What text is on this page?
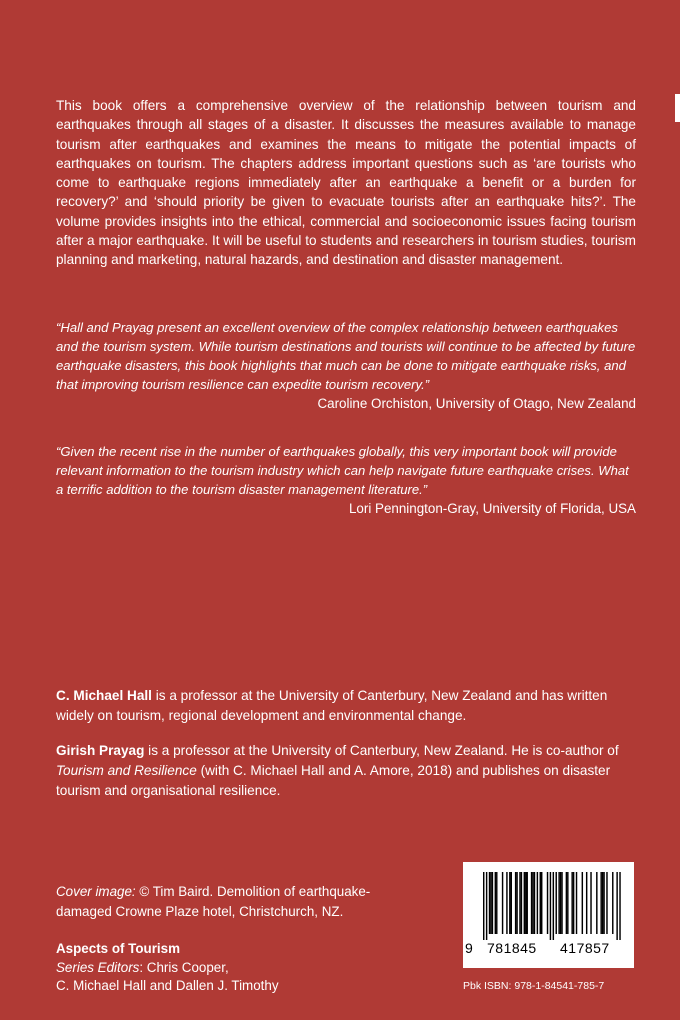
This book offers a comprehensive overview of the relationship between tourism and earthquakes through all stages of a disaster. It discusses the measures available to manage tourism after earthquakes and examines the means to mitigate the potential impacts of earthquakes on tourism. The chapters address important questions such as ‘are tourists who come to earthquake regions immediately after an earthquake a benefit or a burden for recovery?’ and ‘should priority be given to evacuate tourists after an earthquake hits?’. The volume provides insights into the ethical, commercial and socioeconomic issues facing tourism after a major earthquake. It will be useful to students and researchers in tourism studies, tourism planning and marketing, natural hazards, and destination and disaster management.

“Hall and Prayag present an excellent overview of the complex relationship between earthquakes and the tourism system. While tourism destinations and tourists will continue to be affected by future earthquake disasters, this book highlights that much can be done to mitigate earthquake risks, and that improving tourism resilience can expedite tourism recovery.”

Caroline Orchiston, University of Otago, New Zealand

“Given the recent rise in the number of earthquakes globally, this very important book will provide relevant information to the tourism industry which can help navigate future earthquake crises. What a terrific addition to the tourism disaster management literature.”

Lori Pennington-Gray, University of Florida, USA

C. Michael Hall is a professor at the University of Canterbury, New Zealand and has written widely on tourism, regional development and environmental change.

Girish Prayag is a professor at the University of Canterbury, New Zealand. He is co-author of Tourism and Resilience (with C. Michael Hall and A. Amore, 2018) and publishes on disaster tourism and organisational resilience.

Cover image: © Tim Baird. Demolition of earthquake-damaged Crowne Plaze hotel, Christchurch, NZ.

Aspects of Tourism
Series Editors: Chris Cooper,
C. Michael Hall and Dallen J. Timothy
9 781845 417857
Pbk ISBN: 978-1-84541-785-7
